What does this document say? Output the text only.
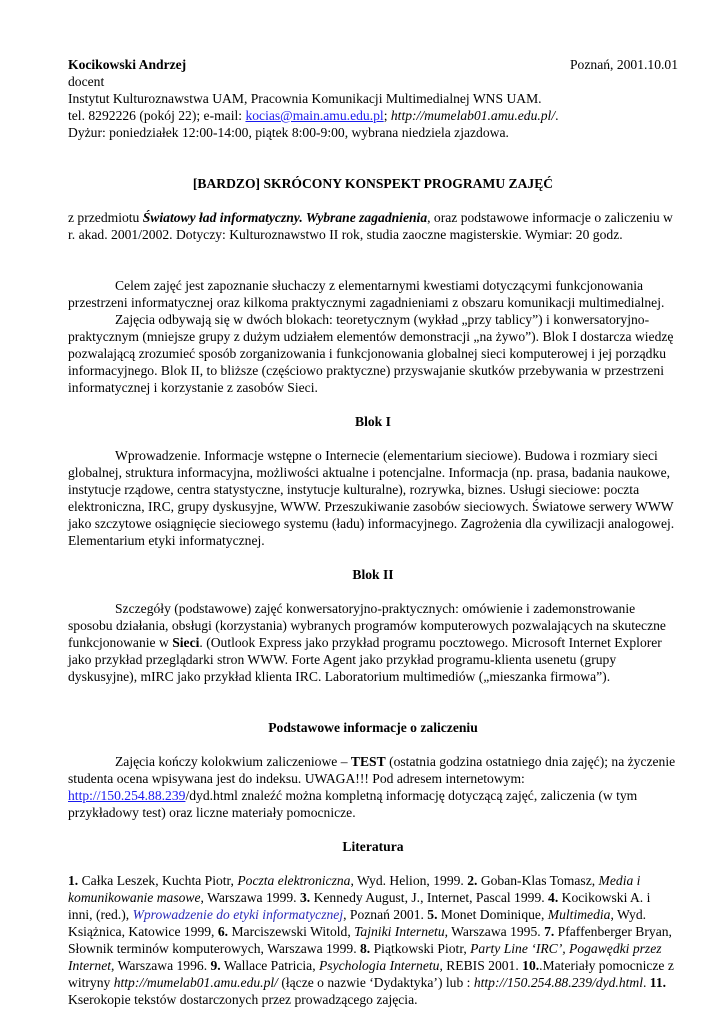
Kocikowski Andrzej	Poznań, 2001.10.01

docent

Instytut Kulturoznawstwa UAM, Pracownia Komunikacji Multimedialnej WNS UAM.

tel. 8292226 (pokój 22); e-mail: kocias@main.amu.edu.pl; http://mumelab01.amu.edu.pl/.

Dyżur: poniedziałek 12:00-14:00, piątek 8:00-9:00, wybrana niedziela zjazdowa.

[BARDZO] SKRÓCONY KONSPEKT PROGRAMU ZAJĘĆ

z przedmiotu Światowy ład informatyczny. Wybrane zagadnienia, oraz podstawowe informacje o zaliczeniu w r. akad. 2001/2002. Dotyczy: Kulturoznawstwo II rok, studia zaoczne magisterskie. Wymiar: 20 godz.

Celem zajęć jest zapoznanie słuchaczy z elementarnymi kwestiami dotyczącymi funkcjonowania przestrzeni informatycznej oraz kilkoma praktycznymi zagadnieniami z obszaru komunikacji multimedialnej.

Zajęcia odbywają się w dwóch blokach: teoretycznym (wykład „przy tablicy”) i konwersatoryjno-praktycznym (mniejsze grupy z dużym udziałem elementów demonstracji „na żywo”). Blok I dostarcza wiedzę pozwalającą zrozumieć sposób zorganizowania i funkcjonowania globalnej sieci komputerowej i jej porządku informacyjnego. Blok II, to bliższe (częściowo praktyczne) przyswajanie skutków przebywania w przestrzeni informatycznej i korzystanie z zasobów Sieci.

Blok I

Wprowadzenie. Informacje wstępne o Internecie (elementarium sieciowe). Budowa i rozmiary sieci globalnej, struktura informacyjna, możliwości aktualne i potencjalne. Informacja (np. prasa, badania naukowe, instytucje rządowe, centra statystyczne, instytucje kulturalne), rozrywka, biznes. Usługi sieciowe: poczta elektroniczna, IRC, grupy dyskusyjne, WWW. Przeszukiwanie zasobów sieciowych. Światowe serwery WWW jako szczytowe osiągnięcie sieciowego systemu (ładu) informacyjnego. Zagrożenia dla cywilizacji analogowej. Elementarium etyki informatycznej.

Blok II

Szczegóły (podstawowe) zajęć konwersatoryjno-praktycznych: omówienie i zademonstrowanie sposobu działania, obsługi (korzystania) wybranych programów komputerowych pozwalających na skuteczne funkcjonowanie w Sieci. (Outlook Express jako przykład programu pocztowego. Microsoft Internet Explorer jako przykład przeglądarki stron WWW. Forte Agent jako przykład programu-klienta usenetu (grupy dyskusyjne), mIRC jako przykład klienta IRC. Laboratorium multimediów („mieszanka firmowa”).

Podstawowe informacje o zaliczeniu

Zajęcia kończy kolokwium zaliczeniowe – TEST (ostatnia godzina ostatniego dnia zajęć); na życzenie studenta ocena wpisywana jest do indeksu. UWAGA!!! Pod adresem internetowym: http://150.254.88.239/dyd.html znaleźć można kompletną informację dotyczącą zajęć, zaliczenia (w tym przykładowy test) oraz liczne materiały pomocnicze.

Literatura

1. Całka Leszek, Kuchta Piotr, Poczta elektroniczna, Wyd. Helion, 1999. 2. Goban-Klas Tomasz, Media i komunikowanie masowe, Warszawa 1999. 3. Kennedy August, J., Internet, Pascal 1999. 4. Kocikowski A. i inni, (red.), Wprowadzenie do etyki informatycznej, Poznań 2001. 5. Monet Dominique, Multimedia, Wyd. Książnica, Katowice 1999, 6. Marciszewski Witold, Tajniki Internetu, Warszawa 1995. 7. Pfaffenberger Bryan, Słownik terminów komputerowych, Warszawa 1999. 8. Piątkowski Piotr, Party Line ‘IRC’, Pogawędki przez Internet, Warszawa 1996. 9. Wallace Patricia, Psychologia Internetu, REBIS 2001. 10..Materiały pomocnicze z witryny http://mumelab01.amu.edu.pl/ (łącze o nazwie ‘Dydaktyka’) lub : http://150.254.88.239/dyd.html. 11. Kserokopie tekstów dostarczonych przez prowadzącego zajęcia.
